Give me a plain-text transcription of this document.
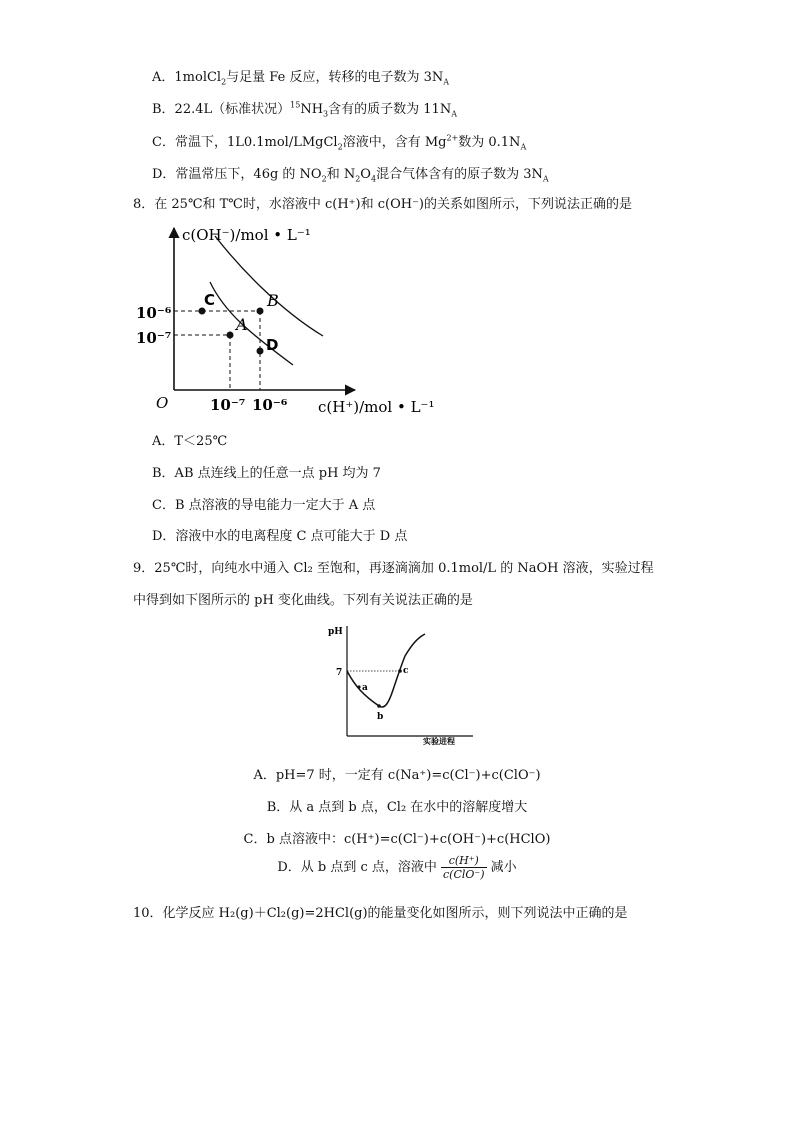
A．1molCl$_2$与足量 Fe 反应，转移的电子数为 $3N_A$
B．22.4L（标准状况）$^{15}NH_3$含有的质子数为 $11N_A$
C．常温下，1L0.1mol/LMgCl$_2$溶液中，含有 $Mg^{2+}$数为 $0.1N_A$
D．常温常压下，46g 的 $NO_2$和 $N_2O_4$混合气体含有的原子数为 $3N_A$
8．在 25℃和 T℃时，水溶液中 c(H⁺)和 c(OH⁻)的关系如图所示，下列说法正确的是
c(OH⁻)/mol • L⁻¹
c(H⁺)/mol • L⁻¹
O
10⁻⁶
10⁻⁷
10⁻⁷ 10⁻⁶
C	B
A
D
A．T＜25℃
B．AB 点连线上的任意一点 pH 均为 7
C．B 点溶液的导电能力一定大于 A 点
D．溶液中水的电离程度 C 点可能大于 D 点
9．25℃时，向纯水中通入 Cl₂ 至饱和，再逐滴滴加 0.1mol/L 的 NaOH 溶液，实验过程
中得到如下图所示的 pH 变化曲线。下列有关说法正确的是
pH
7
a
b
c
实验进程
A．pH=7 时，一定有 c(Na⁺)=c(Cl⁻)+c(ClO⁻)
B．从 a 点到 b 点，Cl₂ 在水中的溶解度增大
C．b 点溶液中：c(H⁺)=c(Cl⁻)+c(OH⁻)+c(HClO)
D．从 b 点到 c 点，溶液中 $\frac{c(H^+)}{\text{c(ClO⁻)}}$ 减小
10．化学反应 H₂(g)＋Cl₂(g)=2HCl(g)的能量变化如图所示，则下列说法中正确的是
